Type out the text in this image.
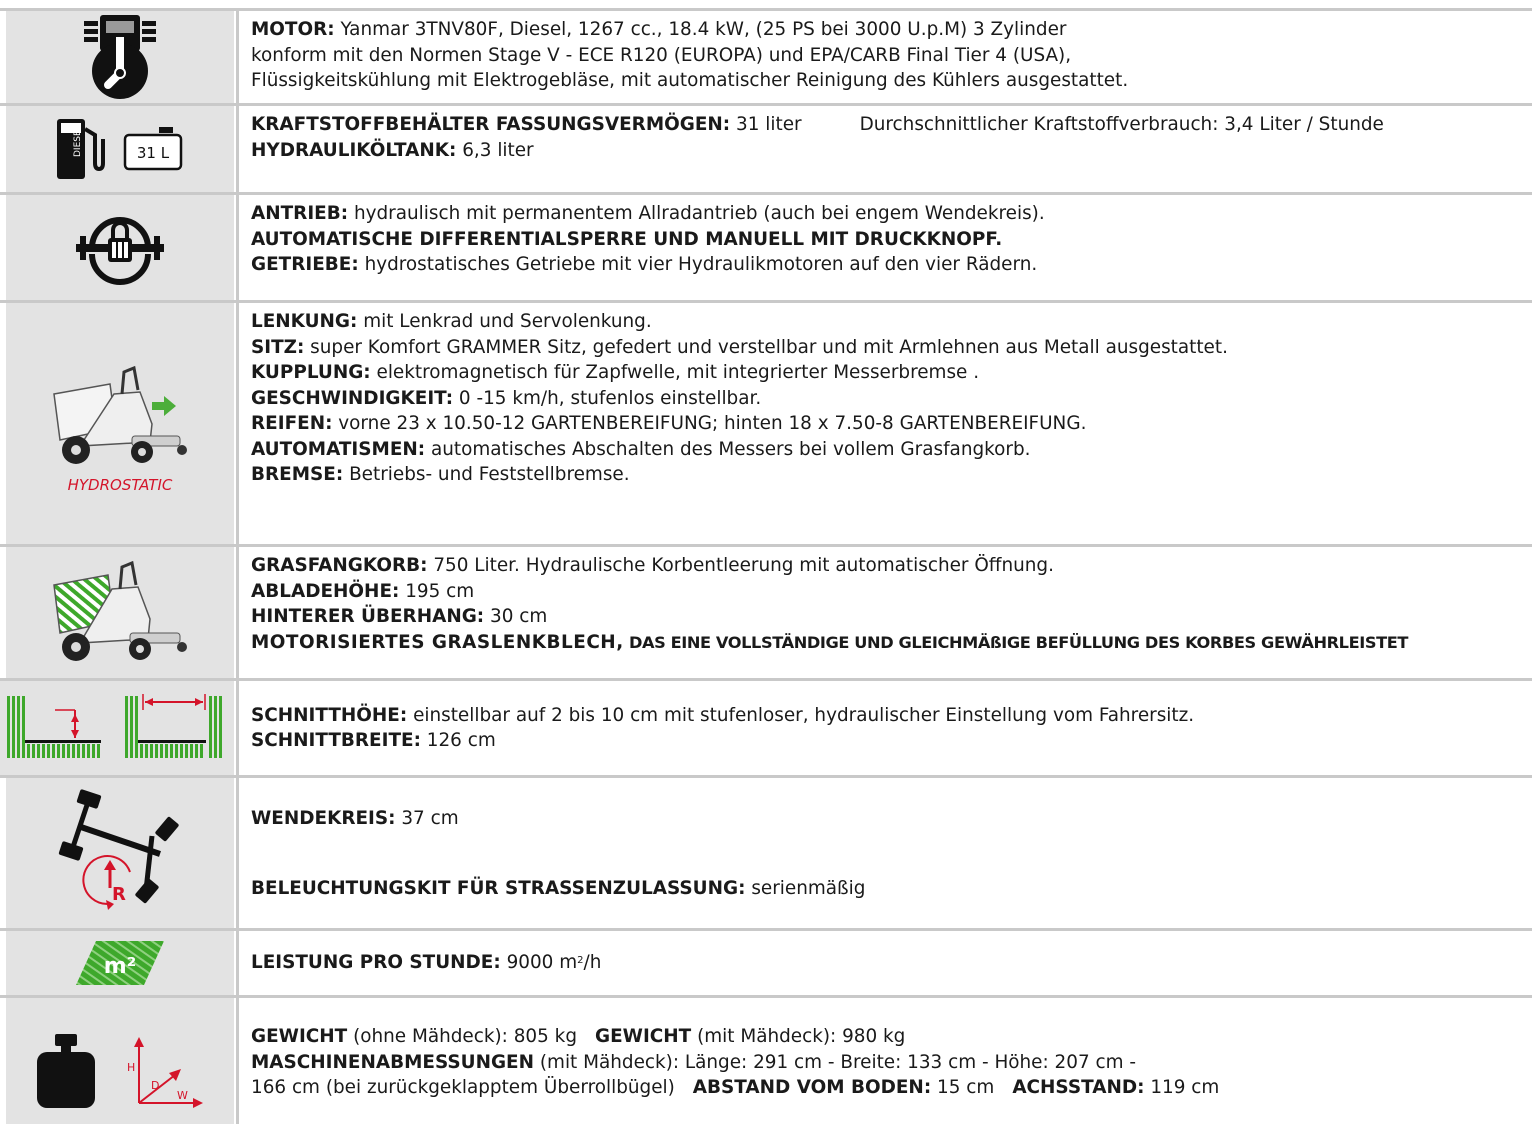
MOTOR: Yanmar 3TNV80F, Diesel, 1267 cc., 18.4 kW, (25 PS bei 3000 U.p.M) 3 Zylinder
konform mit den Normen Stage V - ECE R120 (EUROPA) und EPA/CARB Final Tier 4 (USA),
Flüssigkeitskühlung mit Elektrogebläse, mit automatischer Reinigung des Kühlers ausgestattet.
DIESEL	31 L
KRAFTSTOFFBEHÄLTER FASSUNGSVERMÖGEN: 31 liter	Durchschnittlicher Kraftstoffverbrauch: 3,4 Liter / Stunde
HYDRAULIKÖLTANK: 6,3 liter
ANTRIEB: hydraulisch mit permanentem Allradantrieb (auch bei engem Wendekreis).
AUTOMATISCHE DIFFERENTIALSPERRE UND MANUELL MIT DRUCKKNOPF.
GETRIEBE: hydrostatisches Getriebe mit vier Hydraulikmotoren auf den vier Rädern.
HYDROSTATIC
LENKUNG: mit Lenkrad und Servolenkung.
SITZ: super Komfort GRAMMER Sitz, gefedert und verstellbar und mit Armlehnen aus Metall ausgestattet.
KUPPLUNG: elektromagnetisch für Zapfwelle, mit integrierter Messerbremse .
GESCHWINDIGKEIT: 0 -15 km/h, stufenlos einstellbar.
REIFEN: vorne 23 x 10.50-12 GARTENBEREIFUNG; hinten 18 x 7.50-8 GARTENBEREIFUNG.
AUTOMATISMEN: automatisches Abschalten des Messers bei vollem Grasfangkorb.
BREMSE: Betriebs- und Feststellbremse.
GRASFANGKORB: 750 Liter. Hydraulische Korbentleerung mit automatischer Öffnung.
ABLADEHÖHE: 195 cm
HINTERER ÜBERHANG: 30 cm
MOTORISIERTES GRASLENKBLECH, DAS EINE VOLLSTÄNDIGE UND GLEICHMÄßIGE BEFÜLLUNG DES KORBES GEWÄHRLEISTET
SCHNITTHÖHE: einstellbar auf 2 bis 10 cm mit stufenloser, hydraulischer Einstellung vom Fahrersitz.
SCHNITTBREITE: 126 cm
R
WENDEKREIS: 37 cm

BELEUCHTUNGSKIT FÜR STRASSENZULASSUNG: serienmäßig
m²	LEISTUNG PRO STUNDE: 9000 $m^2/h$
H
D
W
GEWICHT (ohne Mähdeck): 805 kg GEWICHT (mit Mähdeck): 980 kg
MASCHINENABMESSUNGEN (mit Mähdeck): Länge: 291 cm - Breite: 133 cm - Höhe: 207 cm -
166 cm (bei zurückgeklapptem Überrollbügel) ABSTAND VOM BODEN: 15 cm ACHSSTAND: 119 cm
